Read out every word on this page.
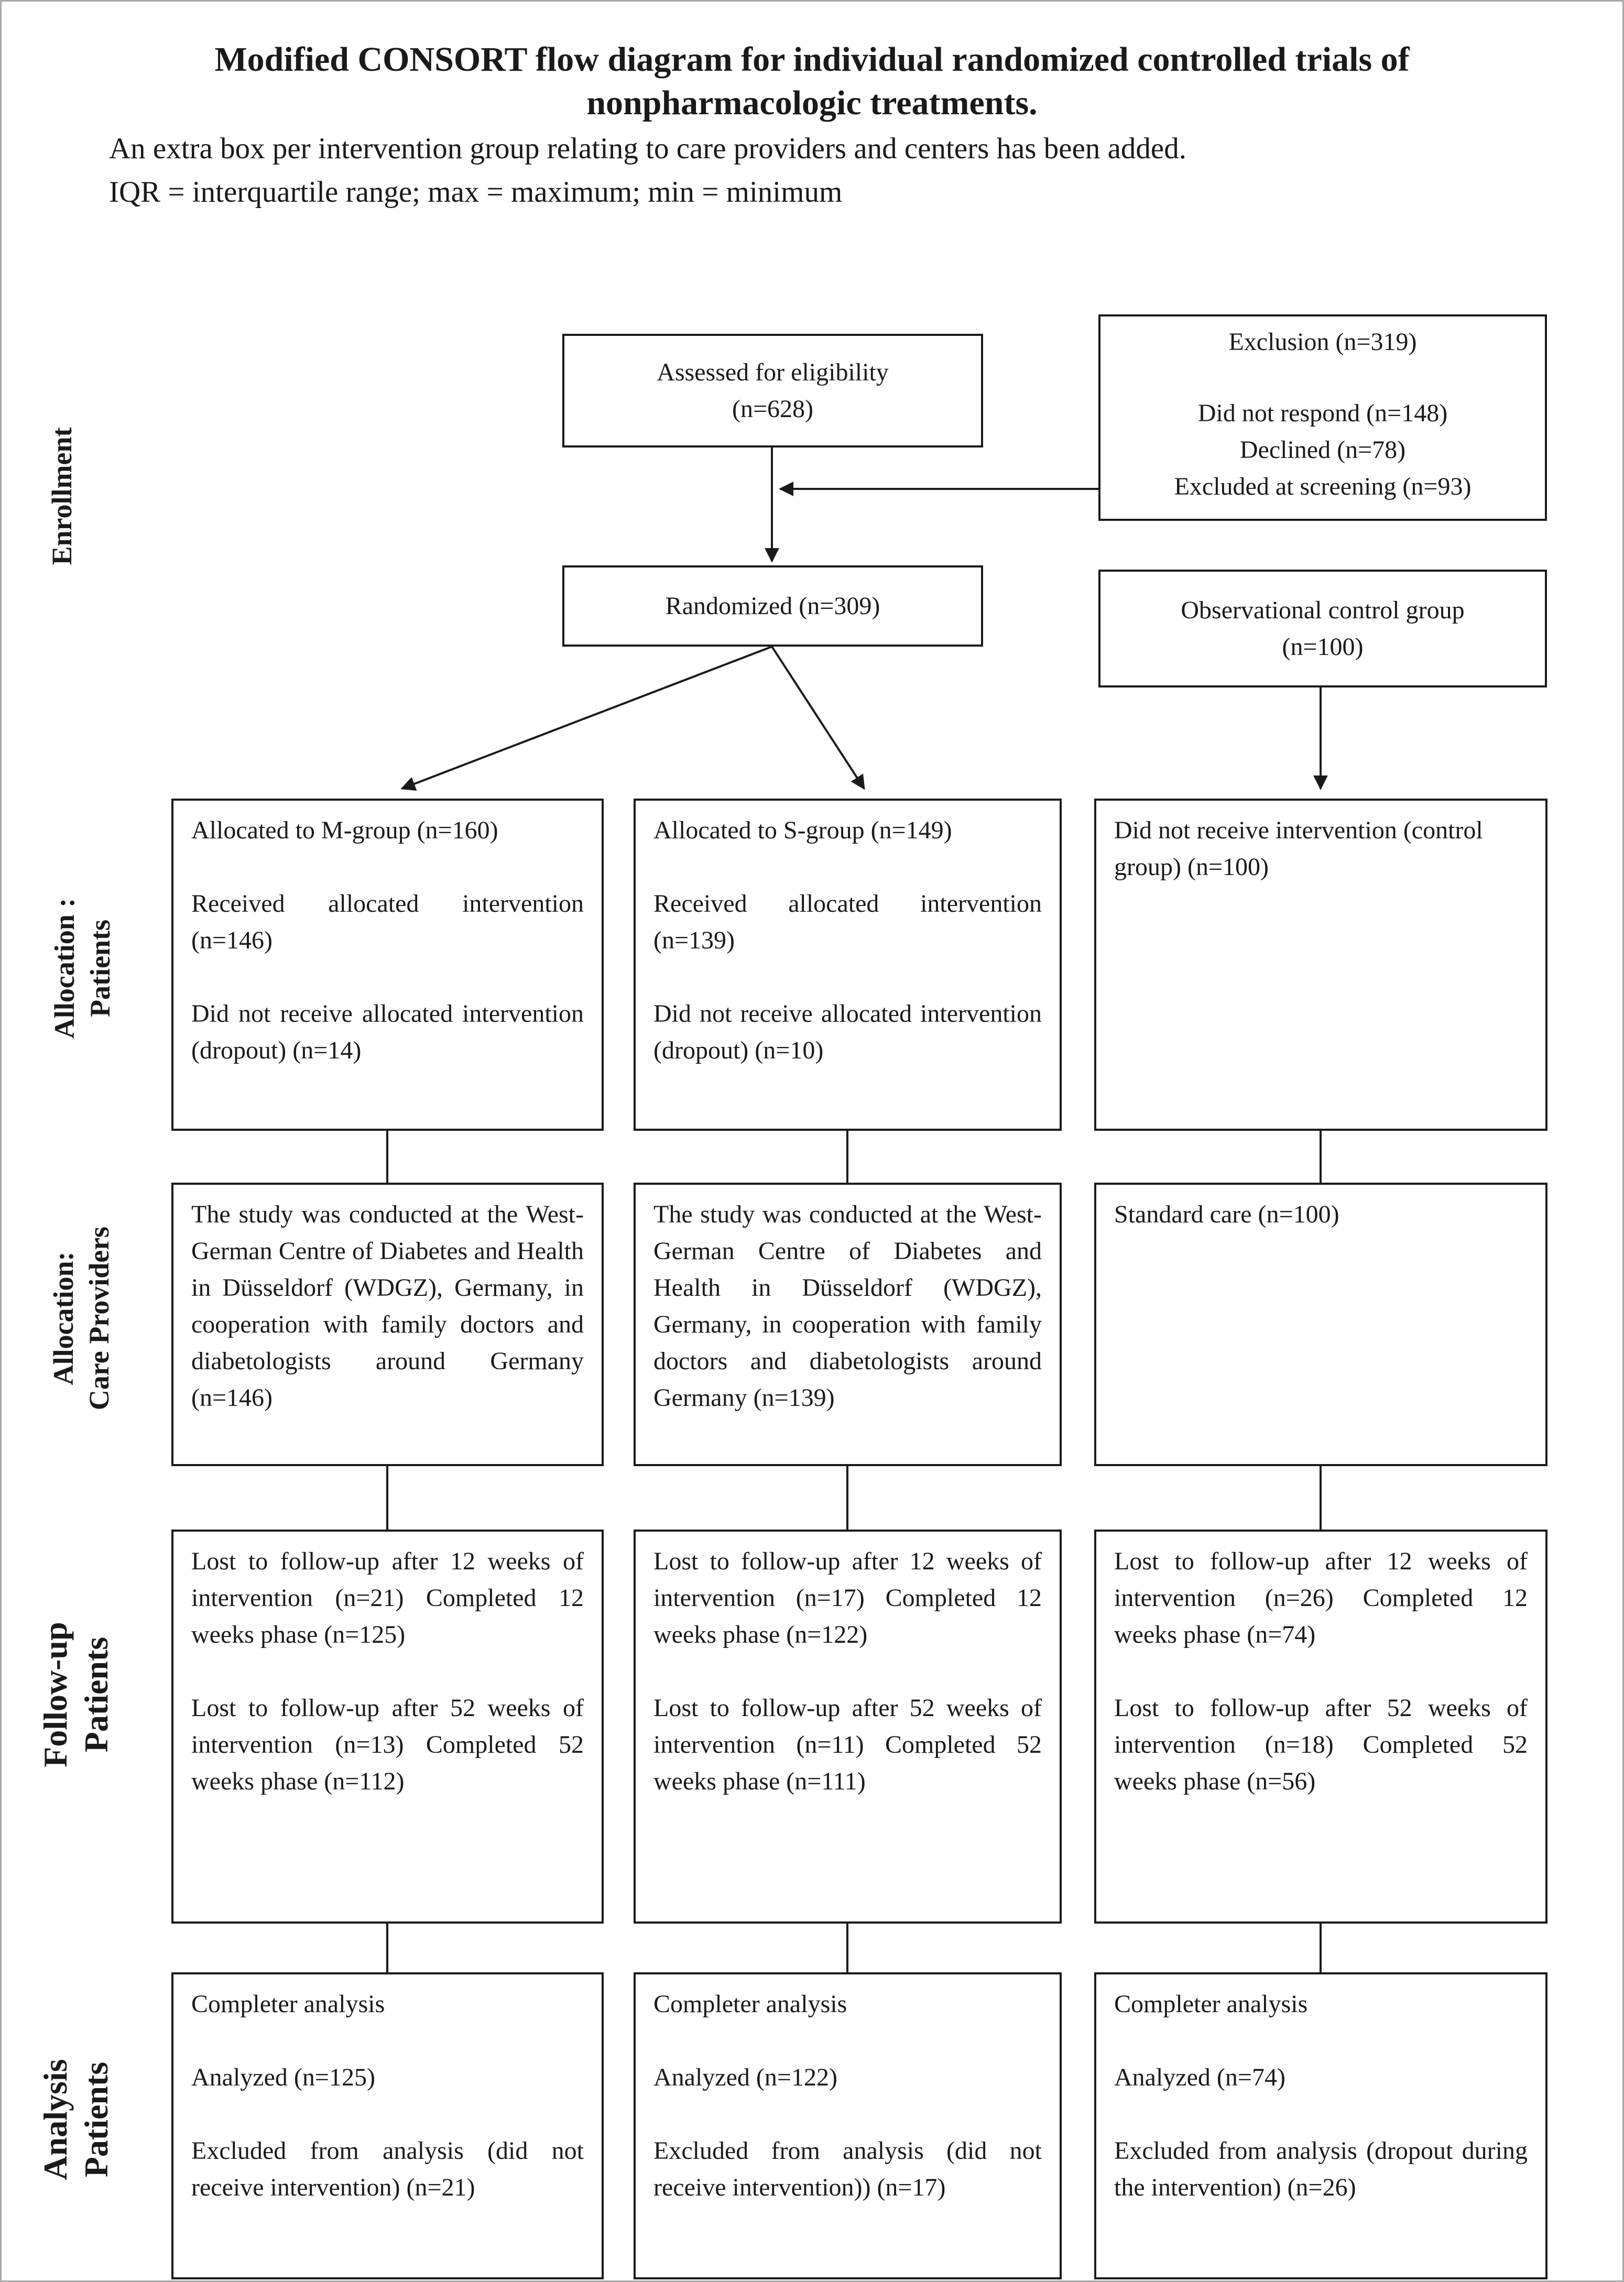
Modified CONSORT flow diagram for individual randomized controlled trials of nonpharmacologic treatments.
An extra box per intervention group relating to care providers and centers has been added.
IQR = interquartile range; max = maximum; min = minimum
Enrollment
Allocation : Patients
Allocation: Care Providers
Follow-up Patients
Analysis Patients
Assessed for eligibility
(n=628)
Exclusion (n=319)
Did not respond (n=148)
Declined (n=78)
Excluded at screening (n=93)
Randomized (n=309)	Observational control group
(n=100)

Allocated to M-group (n=160)

Received allocated intervention (n=146)

Did not receive allocated intervention (dropout) (n=14)

Allocated to S-group (n=149)

Received allocated intervention (n=139)

Did not receive allocated intervention (dropout) (n=10)

Did not receive intervention (control group) (n=100)

The study was conducted at the West-German Centre of Diabetes and Health in Düsseldorf (WDGZ), Germany, in cooperation with family doctors and diabetologists around Germany (n=146)

The study was conducted at the West-German Centre of Diabetes and Health in Düsseldorf (WDGZ), Germany, in cooperation with family doctors and diabetologists around Germany (n=139)

Standard care (n=100)

Lost to follow-up after 12 weeks of intervention (n=21) Completed 12 weeks phase (n=125)

Lost to follow-up after 52 weeks of intervention (n=13) Completed 52 weeks phase (n=112)

Lost to follow-up after 12 weeks of intervention (n=17) Completed 12 weeks phase (n=122)

Lost to follow-up after 52 weeks of intervention (n=11) Completed 52 weeks phase (n=111)

Lost to follow-up after 12 weeks of intervention (n=26) Completed 12 weeks phase (n=74)

Lost to follow-up after 52 weeks of intervention (n=18) Completed 52 weeks phase (n=56)

Completer analysis

Analyzed (n=125)

Excluded from analysis (did not receive intervention) (n=21)

Completer analysis

Analyzed (n=122)

Excluded from analysis (did not receive intervention)) (n=17)

Completer analysis

Analyzed (n=74)

Excluded from analysis (dropout during the intervention) (n=26)
